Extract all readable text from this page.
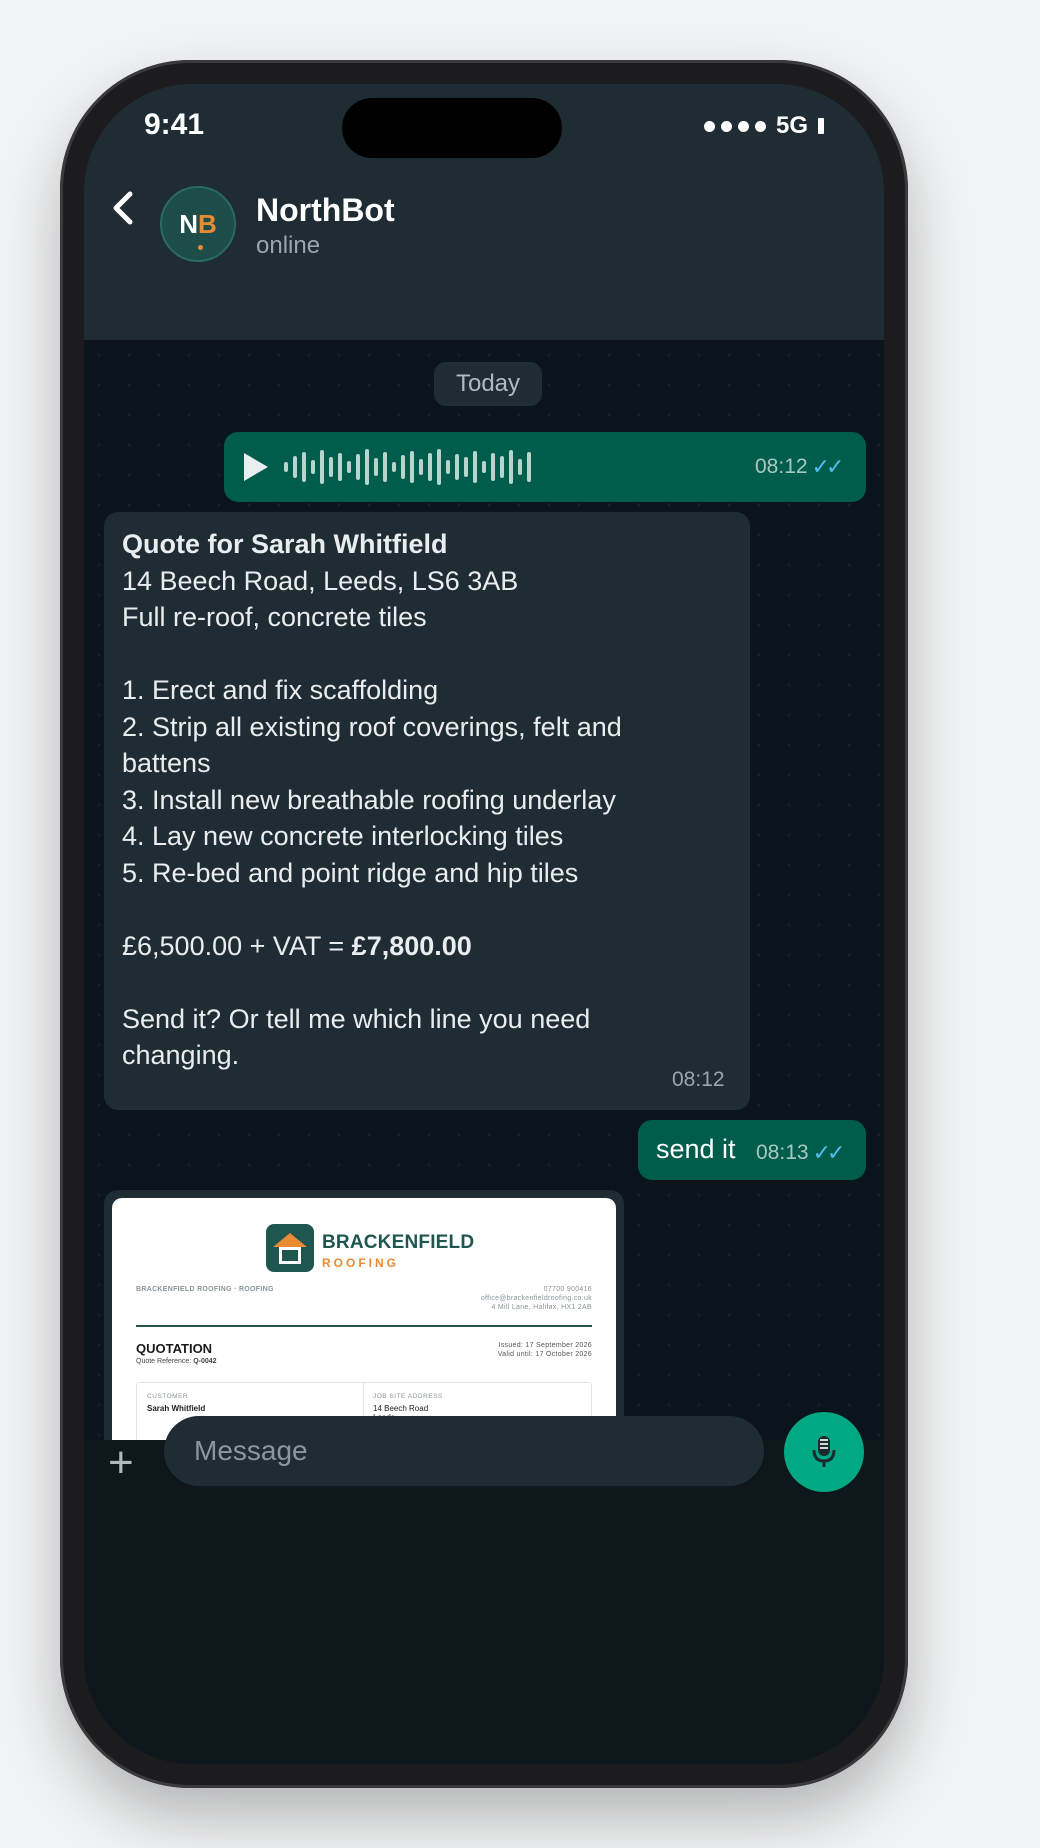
9:41	5G
N B NorthBot
online
Today
08:12 ✓✓
Quote for Sarah Whitfield
14 Beech Road, Leeds, LS6 3AB
Full re-roof, concrete tiles
1. Erect and fix scaffolding
2. Strip all existing roof coverings, felt and battens
3. Install new breathable roofing underlay
4. Lay new concrete interlocking tiles
5. Re-bed and point ridge and hip tiles
£6,500.00 + VAT = £7,800.00
Send it? Or tell me which line you need changing.
08:12
send it 08:13 ✓✓
BRACKENFIELD
ROOFING
BRACKENFIELD ROOFING · ROOFING	07700 900416
office@brackenfieldroofing.co.uk
4 Mill Lane, Halifax, HX1 2AB
QUOTATION
Quote Reference: Q-0042
Issued: 17 September 2026
Valid until: 17 October 2026
CUSTOMER
Sarah Whitfield
JOB SITE ADDRESS
14 Beech Road
+
Message
